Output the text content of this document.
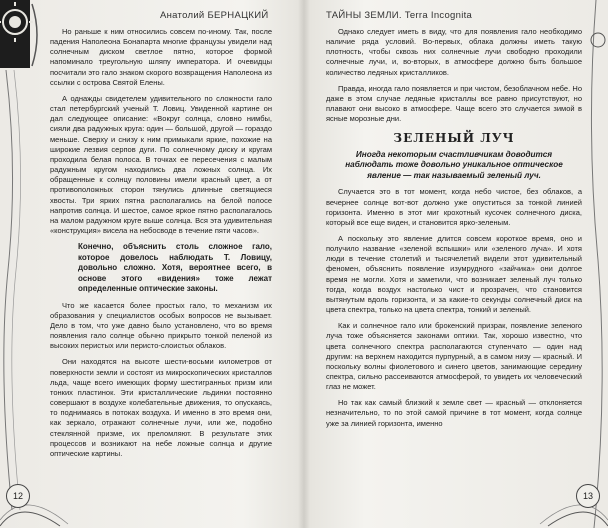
Анатолий БЕРНАЦКИЙ

Но раньше к ним относились совсем по-иному. Так, после падения Наполеона Бонапарта многие французы увидели над солнечным диском светлое пятно, которое формой напоминало треугольную шляпу императора. И очевидцы посчитали это гало знаком скорого возвращения Наполеона из ссылки с острова Святой Елены.

А однажды свидетелем удивительного по сложности гало стал петербургский ученый Т. Ловиц. Увиденной картине он дал следующее описание: «Вокруг солнца, словно нимбы, сияли два радужных круга: один — большой, другой — гораздо меньше. Сверху и снизу к ним примыкали яркие, похожие на широкие лезвия серпов дуги. По солнечному диску и кругам проходила белая полоса. В точках ее пересечения с малым радужным кругом находились два ложных солнца. Их обращенные к солнцу половины имели красный цвет, а от противоположных сторон тянулись длинные светящиеся хвосты. Три ярких пятна располагались на белой полосе напротив солнца. И шестое, самое яркое пятно располагалось на малом радужном круге выше солнца. Вся эта удивительная «конструкция» висела на небосводе в течение пяти часов».

Конечно, объяснить столь сложное гало, которое довелось наблюдать Т. Ловицу, довольно сложно. Хотя, вероятнее всего, в основе этого «видения» тоже лежат определенные оптические законы.

Что же касается более простых гало, то механизм их образования у специалистов особых вопросов не вызывает. Дело в том, что уже давно было установлено, что во время появления гало солнце обычно прикрыто тонкой пеленой из высоких перистых или перисто-слоистых облаков.

Они находятся на высоте шести-восьми километров от поверхности земли и состоят из микроскопических кристаллов льда, чаще всего имеющих форму шестигранных призм или тонких пластинок. Эти кристаллические льдинки постоянно совершают в воздухе колебательные движения, то опускаясь, то поднимаясь в потоках воздуха. И именно в это время они, как зеркало, отражают солнечные лучи, или же, подобно стеклянной призме, их преломляют. В результате этих процессов и возникают на небе ложные солнца и другие оптические картины.

12
ТАЙНЫ ЗЕМЛИ. Terra Incognita

Однако следует иметь в виду, что для появления гало необходимо наличие ряда условий. Во-первых, облака должны иметь такую плотность, чтобы сквозь них солнечные лучи свободно проходили солнечные лучи, и, во-вторых, в атмосфере должно быть большое количество ледяных кристалликов.

Правда, иногда гало появляется и при чистом, безоблачном небе. Но даже в этом случае ледяные кристаллы все равно присутствуют, но плавают они высоко в атмосфере. Чаще всего это случается зимой в ясные морозные дни.

ЗЕЛЕНЫЙ ЛУЧ

Иногда некоторым счастливчикам доводится наблюдать тоже довольно уникальное оптическое явление — так называемый зеленый луч.

Случается это в тот момент, когда небо чистое, без облаков, а вечернее солнце вот-вот должно уже опуститься за тонкой линией горизонта. Именно в этот миг крохотный кусочек солнечного диска, который все еще виден, и становится ярко-зеленым.

А поскольку это явление длится совсем короткое время, оно и получило название «зеленой вспышки» или «зеленого луча». И хотя люди в течение столетий и тысячелетий видели этот удивительный феномен, объяснить появление изумрудного «зайчика» они долгое время не могли. Хотя и заметили, что возникает зеленый луч только тогда, когда воздух настолько чист и прозрачен, что становится вытянутым вдоль горизонта, и за какие-то секунды солнечный диск на цвета спектра, только на цвета спектра, тонкий и зеленый.

Как и солнечное гало или брокенский призрак, появление зеленого луча тоже объясняется законами оптики. Так, хорошо известно, что цвета солнечного спектра располагаются ступенчато — один над другим: на верхнем находится пурпурный, а в самом низу — красный. И поскольку волны фиолетового и синего цветов, занимающие середину спектра, сильно рассеиваются атмосферой, то увидеть их человеческий глаз не может.

Но так как самый близкий к земле свет — красный — отклоняется незначительно, то по этой самой причине в тот момент, когда солнце уже за линией горизонта, именно

13
